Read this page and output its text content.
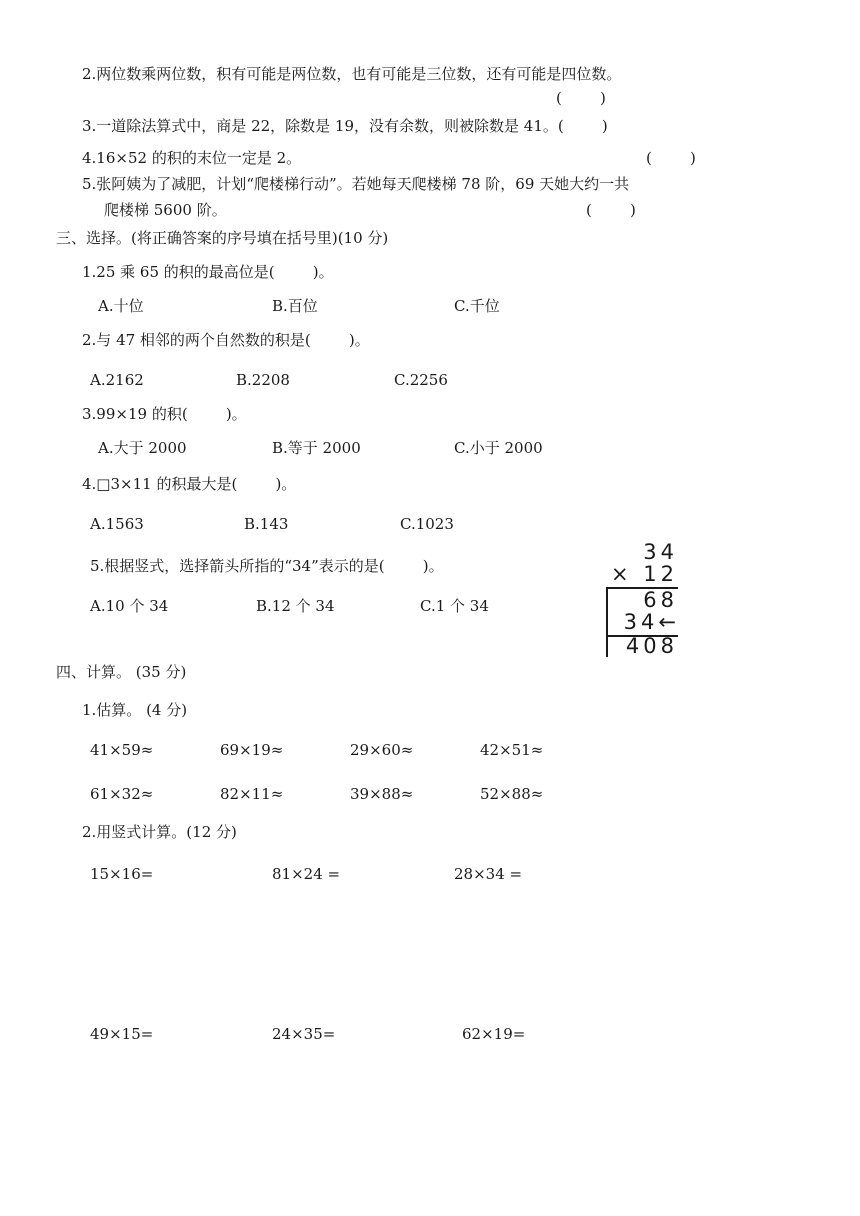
2.两位数乘两位数，积有可能是两位数，也有可能是三位数，还有可能是四位数。
(        )
3.一道除法算式中，商是 22，除数是 19，没有余数，则被除数是 41。(        )
4.16×52 的积的末位一定是 2。	(        )
5.张阿姨为了减肥，计划“爬楼梯行动”。若她每天爬楼梯 78 阶，69 天她大约一共
爬楼梯 5600 阶。	(        )
三、选择。(将正确答案的序号填在括号里)(10 分)
1.25 乘 65 的积的最高位是(        )。
A.十位	B.百位	C.千位
2.与 47 相邻的两个自然数的积是(        )。
A.2162	B.2208	C.2256
3.99×19 的积(        )。
A.大于 2000	B.等于 2000	C.小于 2000
4.□3×11 的积最大是(        )。
A.1563	B.143	C.1023
5.根据竖式，选择箭头所指的“34”表示的是(        )。
A.10 个 34	B.12 个 34	C.1 个 34
34
× 12
68
34←
408
四、计算。 (35 分)
1.估算。 (4 分)
41×59≈	69×19≈	29×60≈	42×51≈
61×32≈	82×11≈	39×88≈	52×88≈
2.用竖式计算。(12 分)
15×16=	81×24 =	28×34 =
49×15=	24×35=	62×19=
